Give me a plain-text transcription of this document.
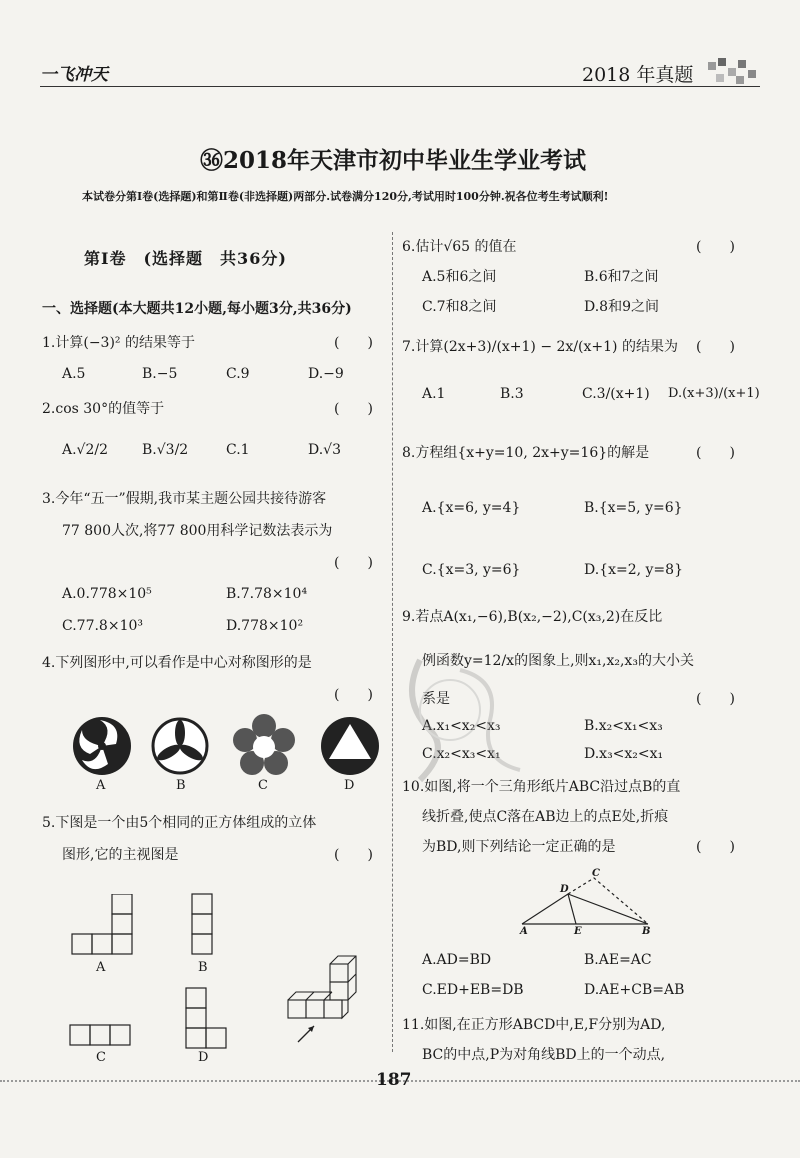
一飞冲天	2018 年真题
㊱2018年天津市初中毕业生学业考试
本试卷分第Ⅰ卷(选择题)和第Ⅱ卷(非选择题)两部分.试卷满分120分,考试用时100分钟.祝各位考生考试顺利!
第Ⅰ卷　(选择题　共36分)
一、选择题(本大题共12小题,每小题3分,共36分)
1.计算(−3)² 的结果等于	(　　)
A.5	B.−5	C.9	D.−9
2.cos 30°的值等于	(　　)
A.√2/2 B.√3/2	C.1	D.√3
3.今年“五一”假期,我市某主题公园共接待游客
77 800人次,将77 800用科学记数法表示为
(　　)
A.0.778×10⁵	B.7.78×10⁴
C.77.8×10³	D.778×10²
4.下列图形中,可以看作是中心对称图形的是
(　　)
A	B	C	D
5.下图是一个由5个相同的正方体组成的立体
图形,它的主视图是	(　　)
A	B
C	D
6.估计√65 的值在	(　　)
A.5和6之间	B.6和7之间
C.7和8之间	D.8和9之间
7.计算(2x+3)/(x+1) − 2x/(x+1) 的结果为 (　　)
A.1	B.3	C.3/(x+1) D.(x+3)/(x+1)
8.方程组{x+y=10, 2x+y=16}的解是	(　　)
A.{x=6, y=4}	B.{x=5, y=6}
C.{x=3, y=6}	D.{x=2, y=8}
9.若点A(x₁,−6),B(x₂,−2),C(x₃,2)在反比
例函数y=12/x的图象上,则x₁,x₂,x₃的大小关
系是	(　　)
A.x₁<x₂<x₃	B.x₂<x₁<x₃
C.x₂<x₃<x₁	D.x₃<x₂<x₁
10.如图,将一个三角形纸片ABC沿过点B的直
线折叠,使点C落在AB边上的点E处,折痕
为BD,则下列结论一定正确的是	(　　)
A	E	B
C
D
A.AD=BD	B.AE=AC
C.ED+EB=DB	D.AE+CB=AB
11.如图,在正方形ABCD中,E,F分别为AD,
BC的中点,P为对角线BD上的一个动点,
187
